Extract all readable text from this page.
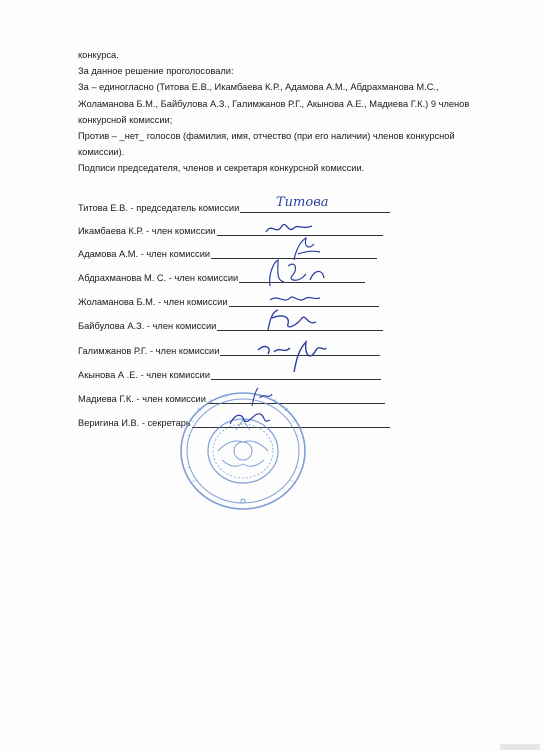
конкурса.

За данное решение проголосовали:

За – единогласно (Титова Е.В., Икамбаева К.Р., Адамова А.М., Абдрахманова М.С.,

Жоламанова Б.М., Байбулова А.З., Галимжанов Р.Г., Акынова А.Е., Мадиева Г.К.) 9 членов

конкурсной комиссии;

Против – _нет_ голосов (фамилия, имя, отчество (при его наличии) членов конкурсной

комиссии).

Подписи председателя, членов и секретаря конкурсной комиссии.

Титова Е.В. - председатель комиссии
Икамбаева К.Р. - член комиссии
Адамова А.М. - член комиссии
Абдрахманова М. С. - член комиссии
Жоламанова Б.М. - член комиссии
Байбулова А.З. - член комиссии
Галимжанов Р.Г. - член комиссии
Акынова А .Е. - член комиссии
Мадиева Г.К. - член комиссии
Веригина И.В. - секретарь
Титова
